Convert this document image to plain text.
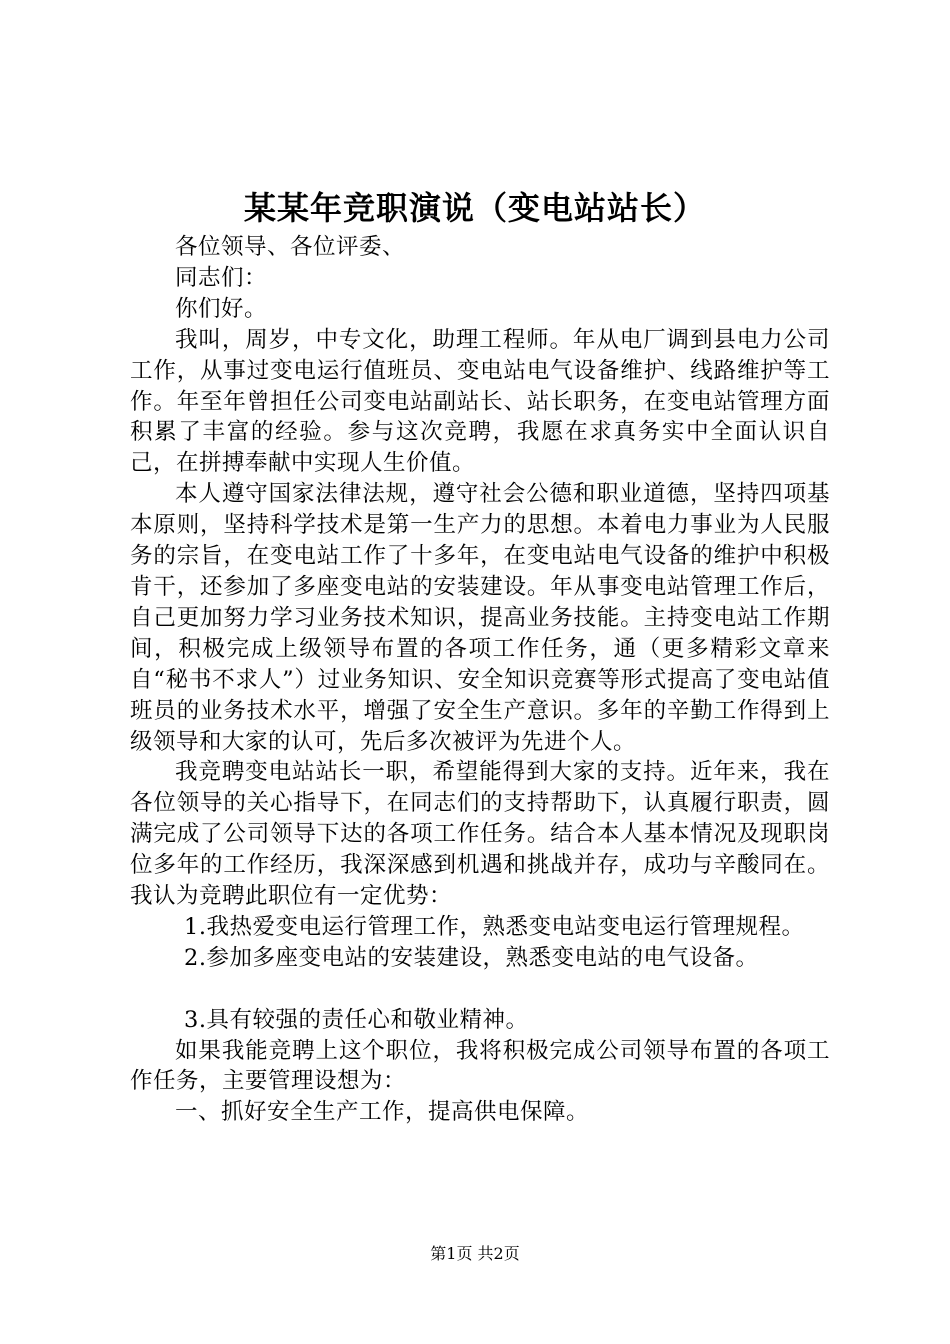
某某年竞职演说（变电站站长）

各位领导、各位评委、

同志们：

你们好。

我叫，周岁，中专文化，助理工程师。年从电厂调到县电力公司工作，从事过变电运行值班员、变电站电气设备维护、线路维护等工作。年至年曾担任公司变电站副站长、站长职务，在变电站管理方面积累了丰富的经验。参与这次竞聘，我愿在求真务实中全面认识自己，在拼搏奉献中实现人生价值。

本人遵守国家法律法规，遵守社会公德和职业道德，坚持四项基本原则，坚持科学技术是第一生产力的思想。本着电力事业为人民服务的宗旨，在变电站工作了十多年，在变电站电气设备的维护中积极肯干，还参加了多座变电站的安装建设。年从事变电站管理工作后，自己更加努力学习业务技术知识，提高业务技能。主持变电站工作期间，积极完成上级领导布置的各项工作任务，通（更多精彩文章来自“秘书不求人”）过业务知识、安全知识竞赛等形式提高了变电站值班员的业务技术水平，增强了安全生产意识。多年的辛勤工作得到上级领导和大家的认可，先后多次被评为先进个人。

我竞聘变电站站长一职，希望能得到大家的支持。近年来，我在各位领导的关心指导下，在同志们的支持帮助下，认真履行职责，圆满完成了公司领导下达的各项工作任务。结合本人基本情况及现职岗位多年的工作经历，我深深感到机遇和挑战并存，成功与辛酸同在。我认为竞聘此职位有一定优势：

1.我热爱变电运行管理工作，熟悉变电站变电运行管理规程。

2.参加多座变电站的安装建设，熟悉变电站的电气设备。

3.具有较强的责任心和敬业精神。

如果我能竞聘上这个职位，我将积极完成公司领导布置的各项工作任务，主要管理设想为：

一、抓好安全生产工作，提高供电保障。

第1页 共2页
